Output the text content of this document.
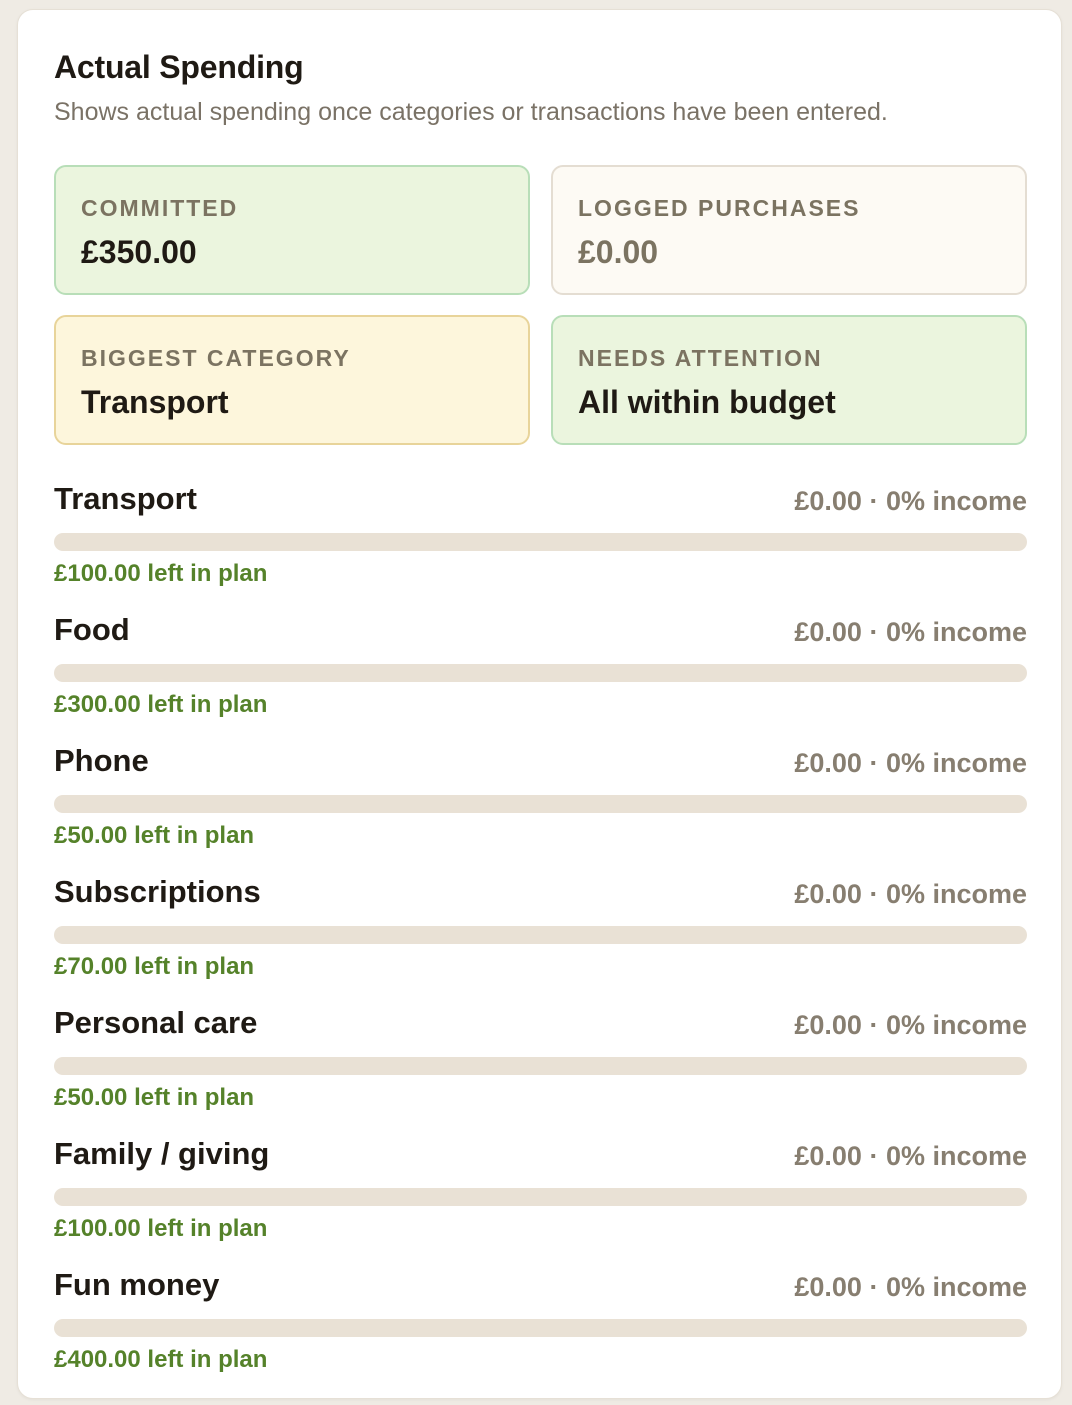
Actual Spending

Shows actual spending once categories or transactions have been entered.

COMMITTED
£350.00
LOGGED PURCHASES
£0.00
BIGGEST CATEGORY
Transport
NEEDS ATTENTION
All within budget
Transport	£0.00 · 0% income
£100.00 left in plan
Food	£0.00 · 0% income
£300.00 left in plan
Phone	£0.00 · 0% income
£50.00 left in plan
Subscriptions	£0.00 · 0% income
£70.00 left in plan
Personal care	£0.00 · 0% income
£50.00 left in plan
Family / giving	£0.00 · 0% income
£100.00 left in plan
Fun money	£0.00 · 0% income
£400.00 left in plan
